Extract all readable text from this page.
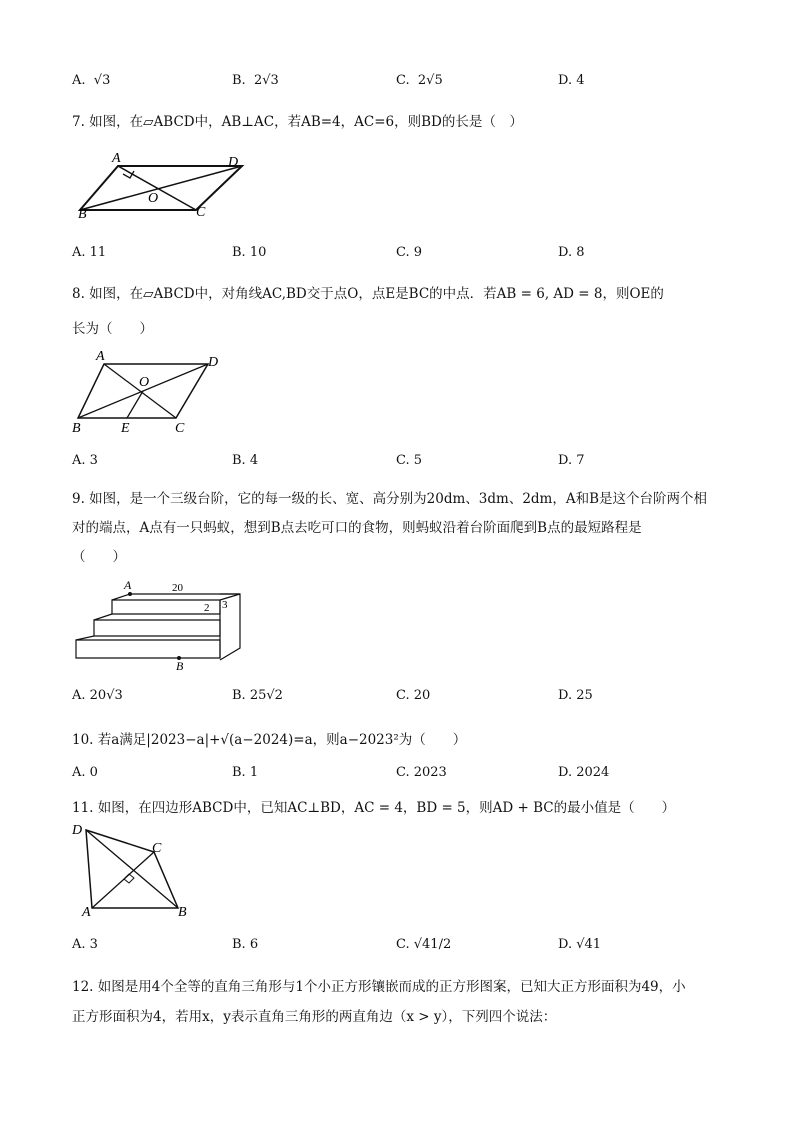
A. √3	B. 2√3	C. 2√5	D. 4
7. 如图，在▱ABCD中，AB⊥AC，若AB=4，AC=6，则BD的长是（　）
A	D
O
B	C
A. 11	B. 10	C. 9	D. 8
8. 如图，在▱ABCD中，对角线AC,BD交于点O，点E是BC的中点．若AB = 6, AD = 8，则OE的
长为（　　）
A	D
O
B	E	C
A. 3	B. 4	C. 5	D. 7
9. 如图，是一个三级台阶，它的每一级的长、宽、高分别为20dm、3dm、2dm，A和B是这个台阶两个相
对的端点，A点有一只蚂蚁，想到B点去吃可口的食物，则蚂蚁沿着台阶面爬到B点的最短路程是
（　　）
A	20
2 3
B
A. 20√3	B. 25√2	C. 20	D. 25
10. 若a满足|2023−a|+√(a−2024)=a，则a−2023²为（　　）
A. 0	B. 1	C. 2023	D. 2024
11. 如图，在四边形ABCD中，已知AC⊥BD，AC = 4，BD = 5，则AD + BC的最小值是（　　）
D
C
A	B
A. 3	B. 6	C. √41/2	D. √41
12. 如图是用4个全等的直角三角形与1个小正方形镶嵌而成的正方形图案，已知大正方形面积为49，小
正方形面积为4，若用x，y表示直角三角形的两直角边（x > y），下列四个说法：
